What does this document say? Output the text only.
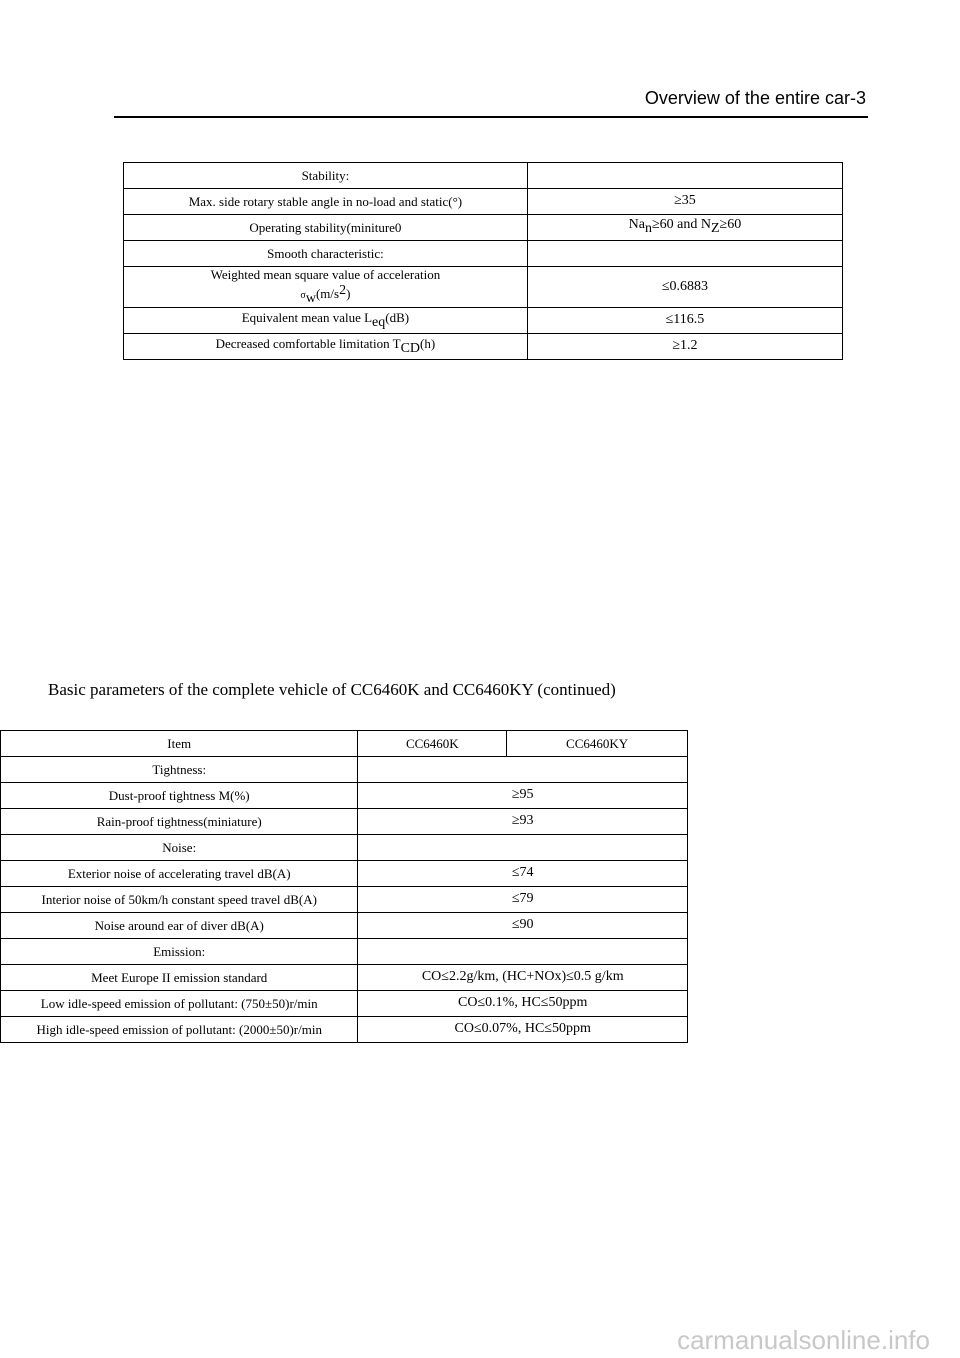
Overview of the entire car-3
Stability:	
Max. side rotary stable angle in no-load and static(°)	≥35
Operating stability(miniture0	$Na_n\ge 60$ and $N_Z\ge 60$
Smooth characteristic:	

Weighted mean square value of acceleration
$\sigma_w(m/s^2)$	≤0.6883
Equivalent mean value $L_{eq}(dB)$	≤116.5
Decreased comfortable limitation $T_{CD}(h)$	≥1.2
Basic parameters of the complete vehicle of CC6460K and CC6460KY (continued)
Item	CC6460K	CC6460KY
Tightness:		
Dust-proof tightness M(%)	≥95	
Rain-proof tightness(miniature)	≥93	
Noise:		
Exterior noise of accelerating travel dB(A)	≤74	
Interior noise of 50km/h constant speed travel dB(A)	≤79	
Noise around ear of diver dB(A)	≤90	
Emission:		
Meet Europe II emission standard	CO≤2.2g/km, (HC+NOx)≤0.5 g/km	
Low idle-speed emission of pollutant: (750±50)r/min	CO≤0.1%, HC≤50ppm	
High idle-speed emission of pollutant: (2000±50)r/min	CO≤0.07%, HC≤50ppm	
carmanualsonline.info
